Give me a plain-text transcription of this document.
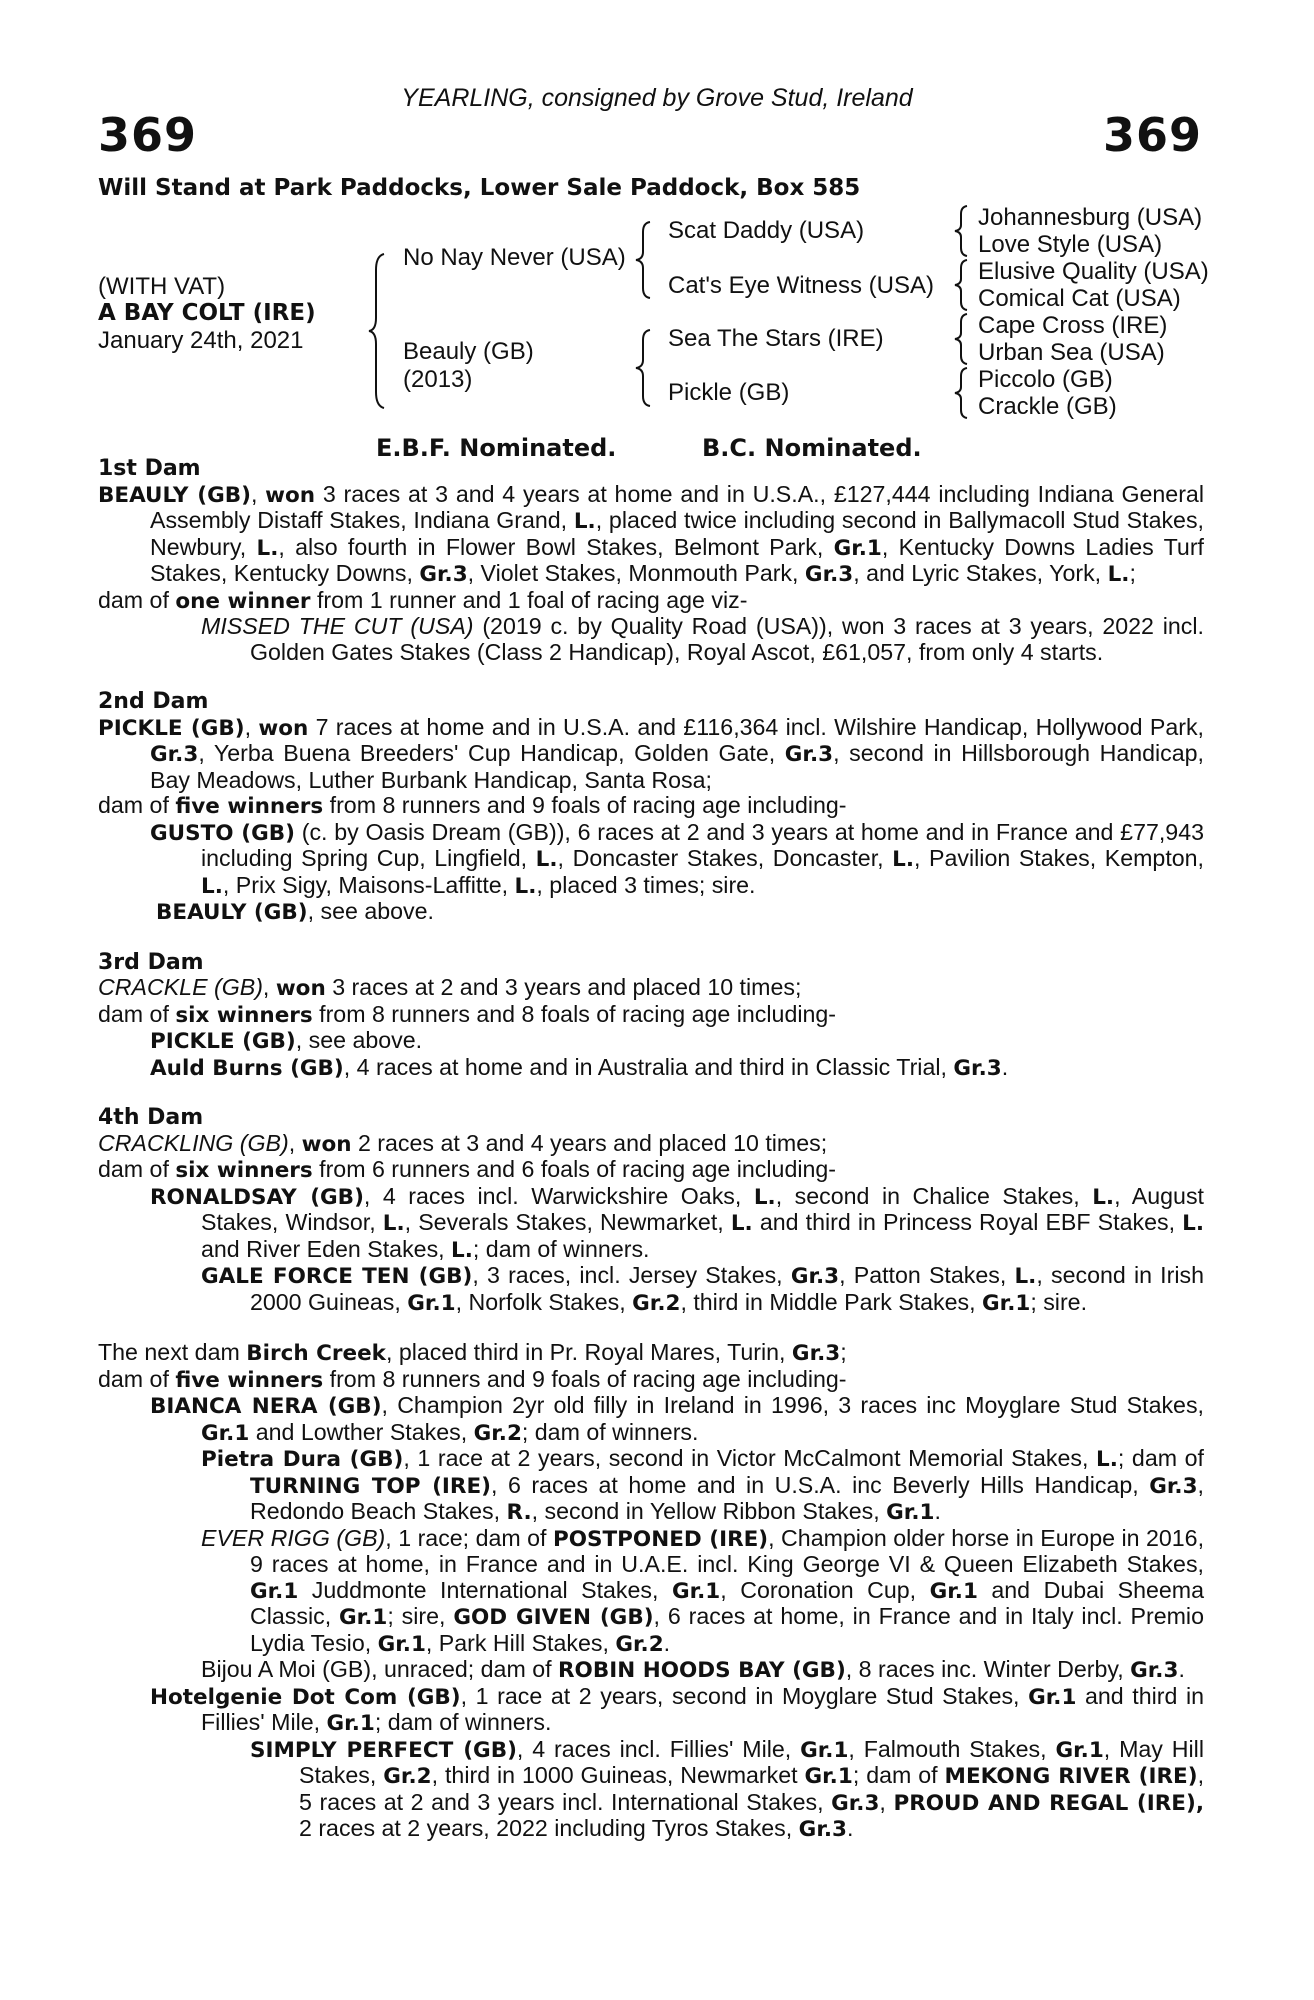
369
YEARLING, consigned by Grove Stud, Ireland
369
Will Stand at Park Paddocks, Lower Sale Paddock, Box 585
(WITH VAT)
A BAY COLT (IRE)
January 24th, 2021
No Nay Never (USA)
Beauly (GB)
(2013)
Scat Daddy (USA)
Cat's Eye Witness (USA)
Sea The Stars (IRE)
Pickle (GB)
Johannesburg (USA)
Love Style (USA)
Elusive Quality (USA)
Comical Cat (USA)
Cape Cross (IRE)
Urban Sea (USA)
Piccolo (GB)
Crackle (GB)
E.B.F. Nominated.	B.C. Nominated.
1st Dam
BEAULY (GB), won 3 races at 3 and 4 years at home and in U.S.A., £127,444 including Indiana General Assembly Distaff Stakes, Indiana Grand, L., placed twice including second in Ballymacoll Stud Stakes, Newbury, L., also fourth in Flower Bowl Stakes, Belmont Park, Gr.1, Kentucky Downs Ladies Turf Stakes, Kentucky Downs, Gr.3, Violet Stakes, Monmouth Park, Gr.3, and Lyric Stakes, York, L.;
dam of one winner from 1 runner and 1 foal of racing age viz-
MISSED THE CUT (USA) (2019 c. by Quality Road (USA)), won 3 races at 3 years, 2022 incl. Golden Gates Stakes (Class 2 Handicap), Royal Ascot, £61,057, from only 4 starts.
2nd Dam
PICKLE (GB), won 7 races at home and in U.S.A. and £116,364 incl. Wilshire Handicap, Hollywood Park, Gr.3, Yerba Buena Breeders' Cup Handicap, Golden Gate, Gr.3, second in Hillsborough Handicap, Bay Meadows, Luther Burbank Handicap, Santa Rosa;
dam of five winners from 8 runners and 9 foals of racing age including-
GUSTO (GB) (c. by Oasis Dream (GB)), 6 races at 2 and 3 years at home and in France and £77,943 including Spring Cup, Lingfield, L., Doncaster Stakes, Doncaster, L., Pavilion Stakes, Kempton, L., Prix Sigy, Maisons-Laffitte, L., placed 3 times; sire.
BEAULY (GB), see above.
3rd Dam
CRACKLE (GB), won 3 races at 2 and 3 years and placed 10 times;
dam of six winners from 8 runners and 8 foals of racing age including-
PICKLE (GB), see above.
Auld Burns (GB), 4 races at home and in Australia and third in Classic Trial, Gr.3.
4th Dam
CRACKLING (GB), won 2 races at 3 and 4 years and placed 10 times;
dam of six winners from 6 runners and 6 foals of racing age including-
RONALDSAY (GB), 4 races incl. Warwickshire Oaks, L., second in Chalice Stakes, L., August Stakes, Windsor, L., Severals Stakes, Newmarket, L. and third in Princess Royal EBF Stakes, L. and River Eden Stakes, L.; dam of winners.
GALE FORCE TEN (GB), 3 races, incl. Jersey Stakes, Gr.3, Patton Stakes, L., second in Irish 2000 Guineas, Gr.1, Norfolk Stakes, Gr.2, third in Middle Park Stakes, Gr.1; sire.
The next dam Birch Creek, placed third in Pr. Royal Mares, Turin, Gr.3;
dam of five winners from 8 runners and 9 foals of racing age including-
BIANCA NERA (GB), Champion 2yr old filly in Ireland in 1996, 3 races inc Moyglare Stud Stakes, Gr.1 and Lowther Stakes, Gr.2; dam of winners.
Pietra Dura (GB), 1 race at 2 years, second in Victor McCalmont Memorial Stakes, L.; dam of TURNING TOP (IRE), 6 races at home and in U.S.A. inc Beverly Hills Handicap, Gr.3, Redondo Beach Stakes, R., second in Yellow Ribbon Stakes, Gr.1.
EVER RIGG (GB), 1 race; dam of POSTPONED (IRE), Champion older horse in Europe in 2016, 9 races at home, in France and in U.A.E. incl. King George VI & Queen Elizabeth Stakes, Gr.1 Juddmonte International Stakes, Gr.1, Coronation Cup, Gr.1 and Dubai Sheema Classic, Gr.1; sire, GOD GIVEN (GB), 6 races at home, in France and in Italy incl. Premio Lydia Tesio, Gr.1, Park Hill Stakes, Gr.2.
Bijou A Moi (GB), unraced; dam of ROBIN HOODS BAY (GB), 8 races inc. Winter Derby, Gr.3.
Hotelgenie Dot Com (GB), 1 race at 2 years, second in Moyglare Stud Stakes, Gr.1 and third in Fillies' Mile, Gr.1; dam of winners.
SIMPLY PERFECT (GB), 4 races incl. Fillies' Mile, Gr.1, Falmouth Stakes, Gr.1, May Hill Stakes, Gr.2, third in 1000 Guineas, Newmarket Gr.1; dam of MEKONG RIVER (IRE), 5 races at 2 and 3 years incl. International Stakes, Gr.3, PROUD AND REGAL (IRE), 2 races at 2 years, 2022 including Tyros Stakes, Gr.3.
